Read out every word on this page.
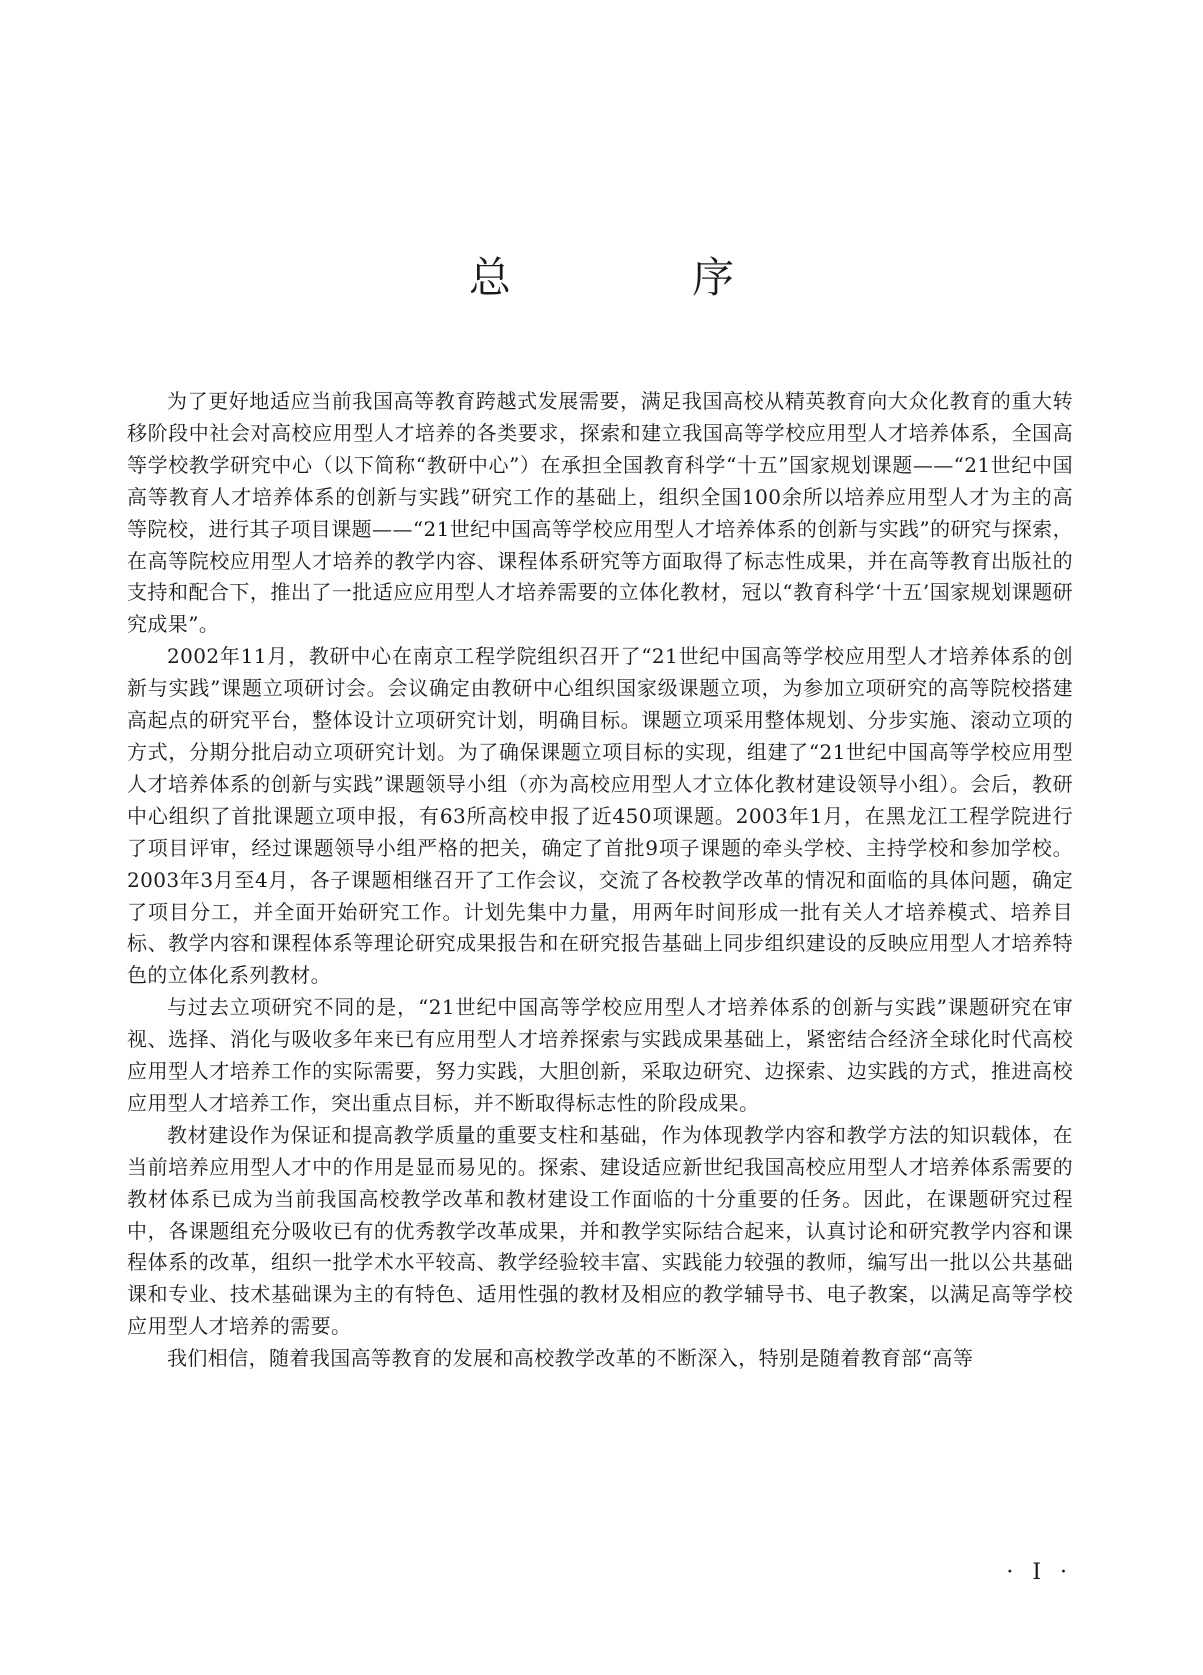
总 序

为了更好地适应当前我国高等教育跨越式发展需要，满足我国高校从精英教育向大众化教育的重大转移阶段中社会对高校应用型人才培养的各类要求，探索和建立我国高等学校应用型人才培养体系，全国高等学校教学研究中心（以下简称“教研中心”）在承担全国教育科学“十五”国家规划课题——“21世纪中国高等教育人才培养体系的创新与实践”研究工作的基础上，组织全国100余所以培养应用型人才为主的高等院校，进行其子项目课题——“21世纪中国高等学校应用型人才培养体系的创新与实践”的研究与探索，在高等院校应用型人才培养的教学内容、课程体系研究等方面取得了标志性成果，并在高等教育出版社的支持和配合下，推出了一批适应应用型人才培养需要的立体化教材，冠以“教育科学‘十五’国家规划课题研究成果”。

2002年11月，教研中心在南京工程学院组织召开了“21世纪中国高等学校应用型人才培养体系的创新与实践”课题立项研讨会。会议确定由教研中心组织国家级课题立项，为参加立项研究的高等院校搭建高起点的研究平台，整体设计立项研究计划，明确目标。课题立项采用整体规划、分步实施、滚动立项的方式，分期分批启动立项研究计划。为了确保课题立项目标的实现，组建了“21世纪中国高等学校应用型人才培养体系的创新与实践”课题领导小组（亦为高校应用型人才立体化教材建设领导小组）。会后，教研中心组织了首批课题立项申报，有63所高校申报了近450项课题。2003年1月，在黑龙江工程学院进行了项目评审，经过课题领导小组严格的把关，确定了首批9项子课题的牵头学校、主持学校和参加学校。2003年3月至4月，各子课题相继召开了工作会议，交流了各校教学改革的情况和面临的具体问题，确定了项目分工，并全面开始研究工作。计划先集中力量，用两年时间形成一批有关人才培养模式、培养目标、教学内容和课程体系等理论研究成果报告和在研究报告基础上同步组织建设的反映应用型人才培养特色的立体化系列教材。

与过去立项研究不同的是，“21世纪中国高等学校应用型人才培养体系的创新与实践”课题研究在审视、选择、消化与吸收多年来已有应用型人才培养探索与实践成果基础上，紧密结合经济全球化时代高校应用型人才培养工作的实际需要，努力实践，大胆创新，采取边研究、边探索、边实践的方式，推进高校应用型人才培养工作，突出重点目标，并不断取得标志性的阶段成果。

教材建设作为保证和提高教学质量的重要支柱和基础，作为体现教学内容和教学方法的知识载体，在当前培养应用型人才中的作用是显而易见的。探索、建设适应新世纪我国高校应用型人才培养体系需要的教材体系已成为当前我国高校教学改革和教材建设工作面临的十分重要的任务。因此，在课题研究过程中，各课题组充分吸收已有的优秀教学改革成果，并和教学实际结合起来，认真讨论和研究教学内容和课程体系的改革，组织一批学术水平较高、教学经验较丰富、实践能力较强的教师，编写出一批以公共基础课和专业、技术基础课为主的有特色、适用性强的教材及相应的教学辅导书、电子教案，以满足高等学校应用型人才培养的需要。

我们相信，随着我国高等教育的发展和高校教学改革的不断深入，特别是随着教育部“高等

· I ·
